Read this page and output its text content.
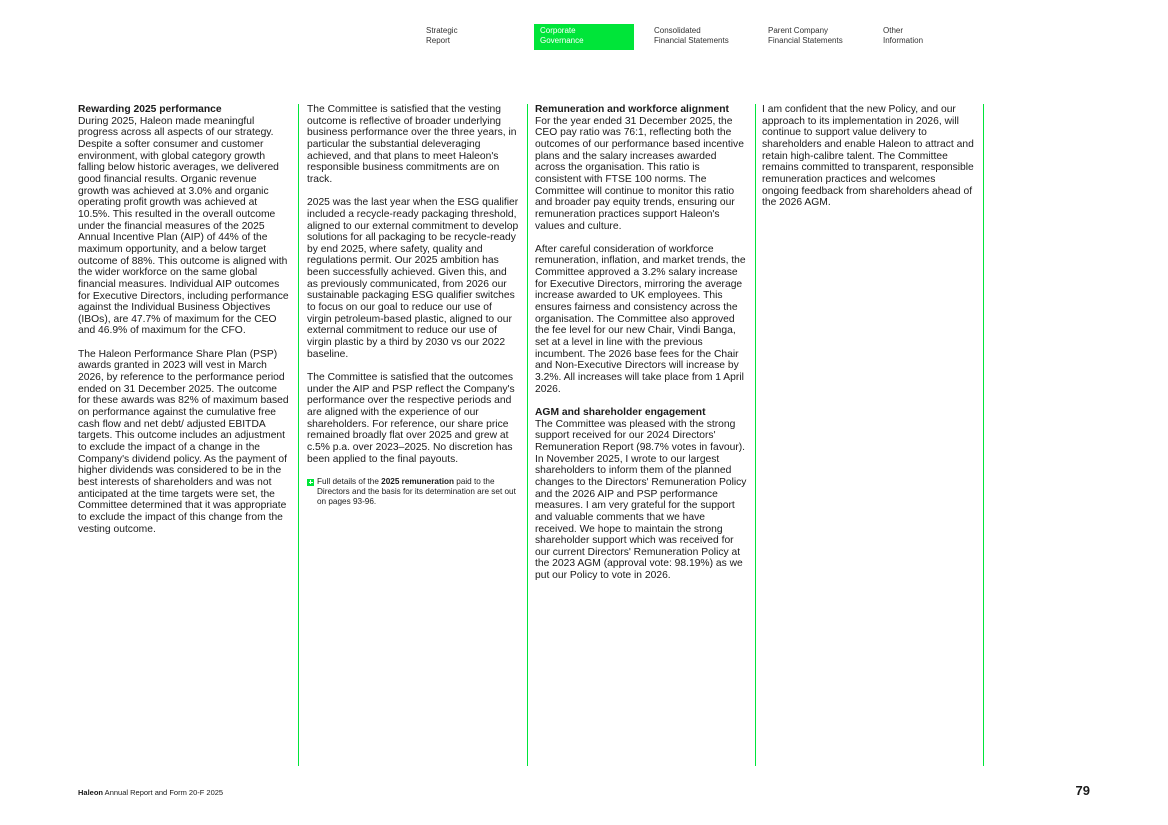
Strategic
Report
Corporate
Governance
Consolidated
Financial Statements
Parent Company
Financial Statements
Other
Information
Rewarding 2025 performance

During 2025, Haleon made meaningful progress across all aspects of our strategy. Despite a softer consumer and customer environment, with global category growth falling below historic averages, we delivered good financial results. Organic revenue growth was achieved at 3.0% and organic operating profit growth was achieved at 10.5%. This resulted in the overall outcome under the financial measures of the 2025 Annual Incentive Plan (AIP) of 44% of the maximum opportunity, and a below target outcome of 88%. This outcome is aligned with the wider workforce on the same global financial measures. Individual AIP outcomes for Executive Directors, including performance against the Individual Business Objectives (IBOs), are 47.7% of maximum for the CEO and 46.9% of maximum for the CFO.

The Haleon Performance Share Plan (PSP) awards granted in 2023 will vest in March 2026, by reference to the performance period ended on 31 December 2025. The outcome for these awards was 82% of maximum based on performance against the cumulative free cash flow and net debt/ adjusted EBITDA targets. This outcome includes an adjustment to exclude the impact of a change in the Company's dividend policy. As the payment of higher dividends was considered to be in the best interests of shareholders and was not anticipated at the time targets were set, the Committee determined that it was appropriate to exclude the impact of this change from the vesting outcome.

The Committee is satisfied that the vesting outcome is reflective of broader underlying business performance over the three years, in particular the substantial deleveraging achieved, and that plans to meet Haleon's responsible business commitments are on track.

2025 was the last year when the ESG qualifier included a recycle-ready packaging threshold, aligned to our external commitment to develop solutions for all packaging to be recycle-ready by end 2025, where safety, quality and regulations permit. Our 2025 ambition has been successfully achieved. Given this, and as previously communicated, from 2026 our sustainable packaging ESG qualifier switches to focus on our goal to reduce our use of virgin petroleum-based plastic, aligned to our external commitment to reduce our use of virgin plastic by a third by 2030 vs our 2022 baseline.

The Committee is satisfied that the outcomes under the AIP and PSP reflect the Company's performance over the respective periods and are aligned with the experience of our shareholders. For reference, our share price remained broadly flat over 2025 and grew at c.5% p.a. over 2023–2025. No discretion has been applied to the final payouts.

Full details of the 2025 remuneration paid to the Directors and the basis for its determination are set out on pages 93-96.
Remuneration and workforce alignment

For the year ended 31 December 2025, the CEO pay ratio was 76:1, reflecting both the outcomes of our performance based incentive plans and the salary increases awarded across the organisation. This ratio is consistent with FTSE 100 norms. The Committee will continue to monitor this ratio and broader pay equity trends, ensuring our remuneration practices support Haleon's values and culture.

After careful consideration of workforce remuneration, inflation, and market trends, the Committee approved a 3.2% salary increase for Executive Directors, mirroring the average increase awarded to UK employees. This ensures fairness and consistency across the organisation. The Committee also approved the fee level for our new Chair, Vindi Banga, set at a level in line with the previous incumbent. The 2026 base fees for the Chair and Non-Executive Directors will increase by 3.2%. All increases will take place from 1 April 2026.

AGM and shareholder engagement

The Committee was pleased with the strong support received for our 2024 Directors' Remuneration Report (98.7% votes in favour). In November 2025, I wrote to our largest shareholders to inform them of the planned changes to the Directors' Remuneration Policy and the 2026 AIP and PSP performance measures. I am very grateful for the support and valuable comments that we have received. We hope to maintain the strong shareholder support which was received for our current Directors' Remuneration Policy at the 2023 AGM (approval vote: 98.19%) as we put our Policy to vote in 2026.

I am confident that the new Policy, and our approach to its implementation in 2026, will continue to support value delivery to shareholders and enable Haleon to attract and retain high-calibre talent. The Committee remains committed to transparent, responsible remuneration practices and welcomes ongoing feedback from shareholders ahead of the 2026 AGM.

Haleon Annual Report and Form 20-F 2025	79
